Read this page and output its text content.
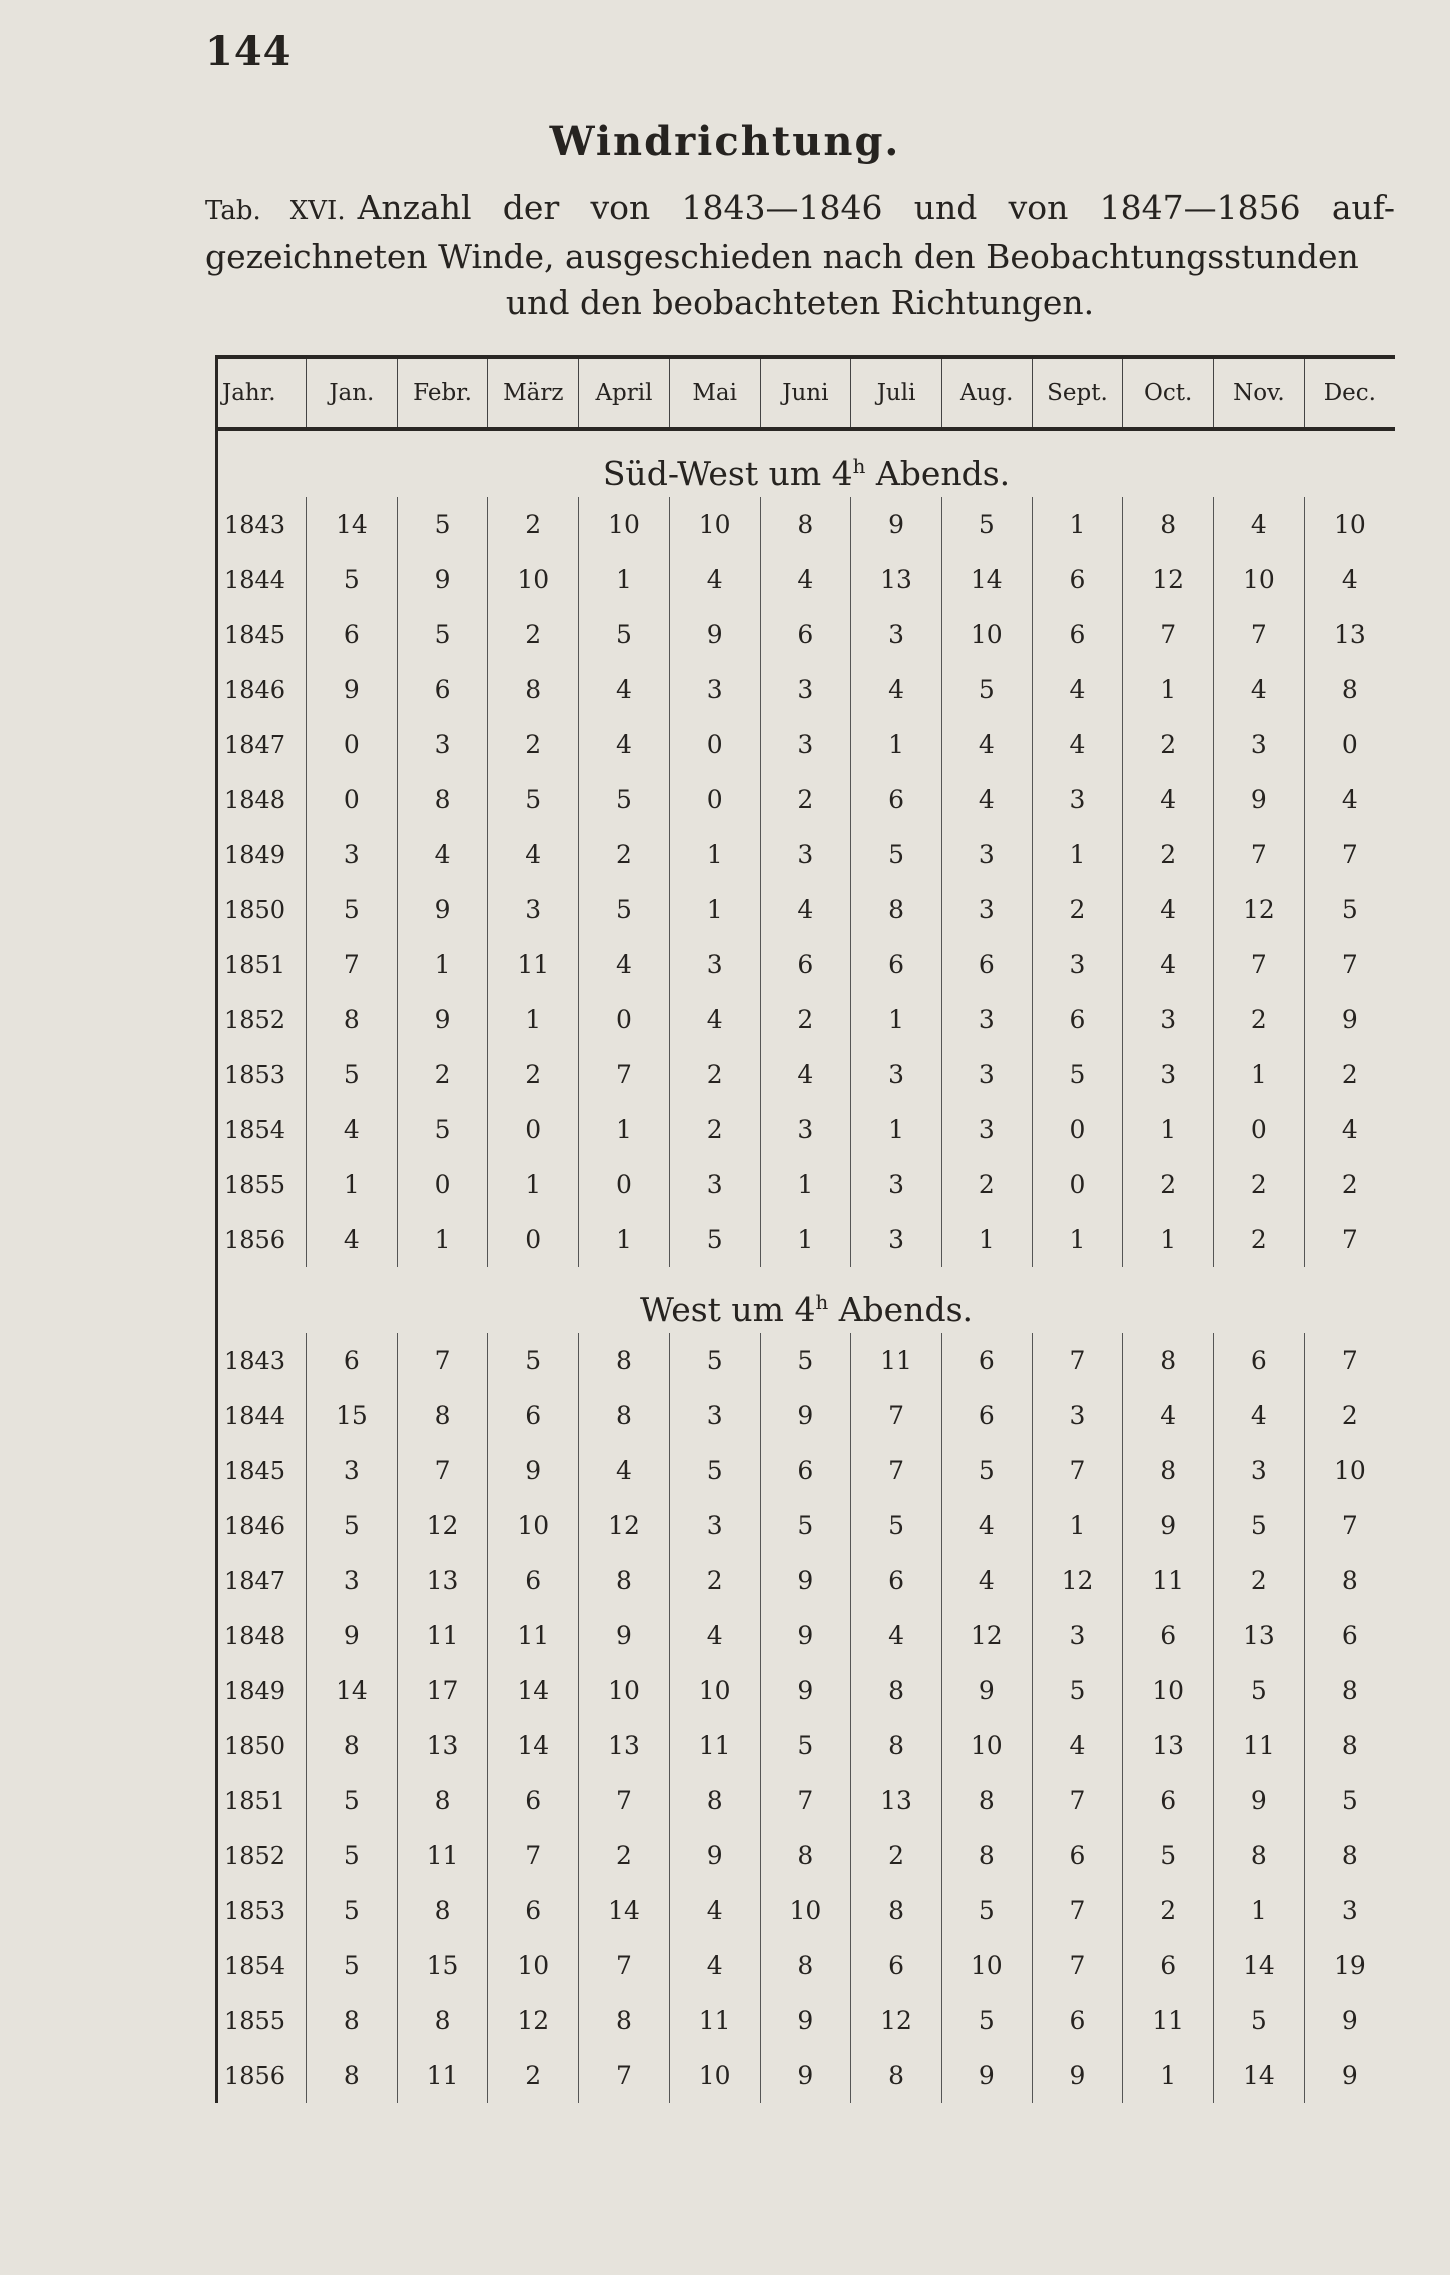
144
Windrichtung.
Tab. XVI. Anzahl der von 1843—1846 und von 1847—1856 auf- gezeichneten Winde, ausgeschieden nach den Beobachtungsstunden
und den beobachteten Richtungen.
Jahr.	Jan.	Febr.	März	April	Mai	Juni	Juli	Aug.	Sept.	Oct.	Nov.	Dec.
Süd-West um 4$^h$ Abends.												
1843	14	5	2	10	10	8	9	5	1	8	4	10
1844	5	9	10	1	4	4	13	14	6	12	10	4
1845	6	5	2	5	9	6	3	10	6	7	7	13
1846	9	6	8	4	3	3	4	5	4	1	4	8
1847	0	3	2	4	0	3	1	4	4	2	3	0
1848	0	8	5	5	0	2	6	4	3	4	9	4
1849	3	4	4	2	1	3	5	3	1	2	7	7
1850	5	9	3	5	1	4	8	3	2	4	12	5
1851	7	1	11	4	3	6	6	6	3	4	7	7
1852	8	9	1	0	4	2	1	3	6	3	2	9
1853	5	2	2	7	2	4	3	3	5	3	1	2
1854	4	5	0	1	2	3	1	3	0	1	0	4
1855	1	0	1	0	3	1	3	2	0	2	2	2
1856	4	1	0	1	5	1	3	1	1	1	2	7
West um 4$^h$ Abends.												
1843	6	7	5	8	5	5	11	6	7	8	6	7
1844	15	8	6	8	3	9	7	6	3	4	4	2
1845	3	7	9	4	5	6	7	5	7	8	3	10
1846	5	12	10	12	3	5	5	4	1	9	5	7
1847	3	13	6	8	2	9	6	4	12	11	2	8
1848	9	11	11	9	4	9	4	12	3	6	13	6
1849	14	17	14	10	10	9	8	9	5	10	5	8
1850	8	13	14	13	11	5	8	10	4	13	11	8
1851	5	8	6	7	8	7	13	8	7	6	9	5
1852	5	11	7	2	9	8	2	8	6	5	8	8
1853	5	8	6	14	4	10	8	5	7	2	1	3
1854	5	15	10	7	4	8	6	10	7	6	14	19
1855	8	8	12	8	11	9	12	5	6	11	5	9
1856	8	11	2	7	10	9	8	9	9	1	14	9
